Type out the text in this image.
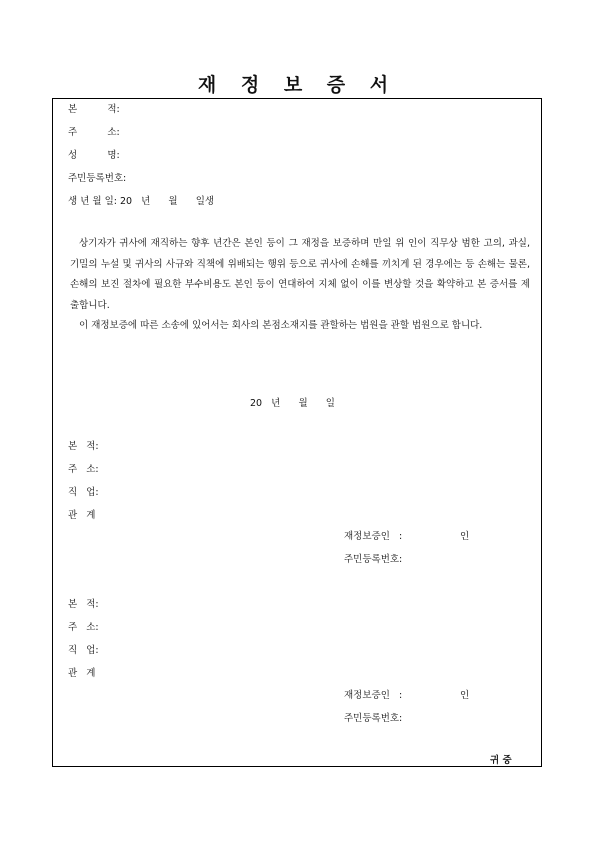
재 정 보 증 서
본          적:
주          소:
성          명:
주민등록번호:
생 년 월 일: 20   년      월      일생

상기자가 귀사에 재직하는 향후 년간은 본인 등이 그 재정을 보증하며 만일 위 인이 직무상 범한 고의, 과실, 기밀의 누설 및 귀사의 사규와 직책에 위배되는 행위 등으로 귀사에 손해를 끼치게 된 경우에는 등 손해는 물론, 손해의 보진 절차에 필요한 부수비용도 본인 등이 연대하여 지체 없이 이를 변상할 것을 확약하고 본 증서를 제출합니다.

이 재정보증에 따른 소송에 있어서는 회사의 본점소재지를 관할하는 법원을 관할 법원으로 합니다.

20   년      월      일
본   적:
주   소:
직   업:
관   계
재정보증인   :	인
주민등록번호:
본   적:
주   소:
직   업:
관   계
재정보증인   :	인
주민등록번호:
귀 중
